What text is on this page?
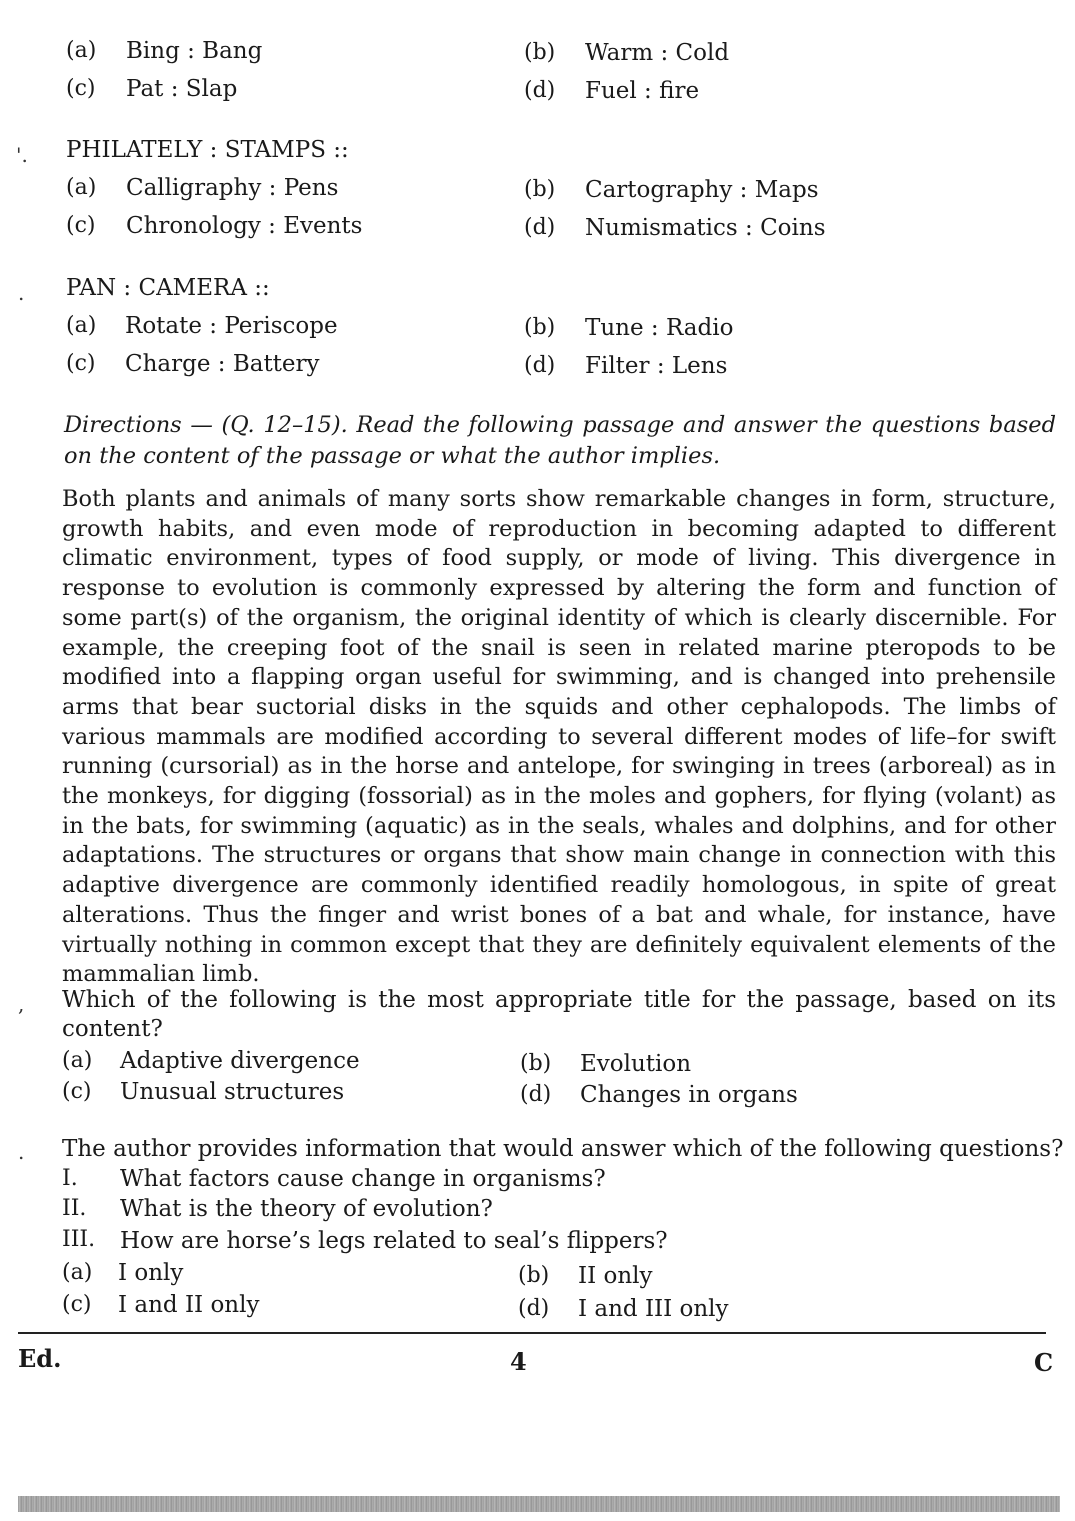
(a) Bing : Bang	(b) Warm : Cold
(c) Pat : Slap	(d) Fuel : fire
'. PHILATELY : STAMPS ::
(a) Calligraphy : Pens	(b) Cartography : Maps
(c) Chronology : Events	(d) Numismatics : Coins
. PAN : CAMERA ::
(a) Rotate : Periscope	(b) Tune : Radio
(c) Charge : Battery	(d) Filter : Lens
Directions — (Q. 12–15). Read the following passage and answer the questions based on the content of the passage or what the author implies.
Both plants and animals of many sorts show remarkable changes in form, structure, growth habits, and even mode of reproduction in becoming adapted to different climatic environment, types of food supply, or mode of living. This divergence in response to evolution is commonly expressed by altering the form and function of some part(s) of the organism, the original identity of which is clearly discernible. For example, the creeping foot of the snail is seen in related marine pteropods to be modified into a flapping organ useful for swimming, and is changed into prehensile arms that bear suctorial disks in the squids and other cephalopods. The limbs of various mammals are modified according to several different modes of life–for swift running (cursorial) as in the horse and antelope, for swinging in trees (arboreal) as in the monkeys, for digging (fossorial) as in the moles and gophers, for flying (volant) as in the bats, for swimming (aquatic) as in the seals, whales and dolphins, and for other adaptations. The structures or organs that show main change in connection with this adaptive divergence are commonly identified readily homologous, in spite of great alterations. Thus the finger and wrist bones of a bat and whale, for instance, have virtually nothing in common except that they are definitely equivalent elements of the mammalian limb.
, Which of the following is the most appropriate title for the passage, based on its content?
(a) Adaptive divergence	(b) Evolution
(c) Unusual structures	(d) Changes in organs
. The author provides information that would answer which of the following questions?
I. What factors cause change in organisms?
II. What is the theory of evolution?
III. How are horse’s legs related to seal’s flippers?
(a) I only	(b) II only
(c) I and II only	(d) I and III only
Ed.	4	C
